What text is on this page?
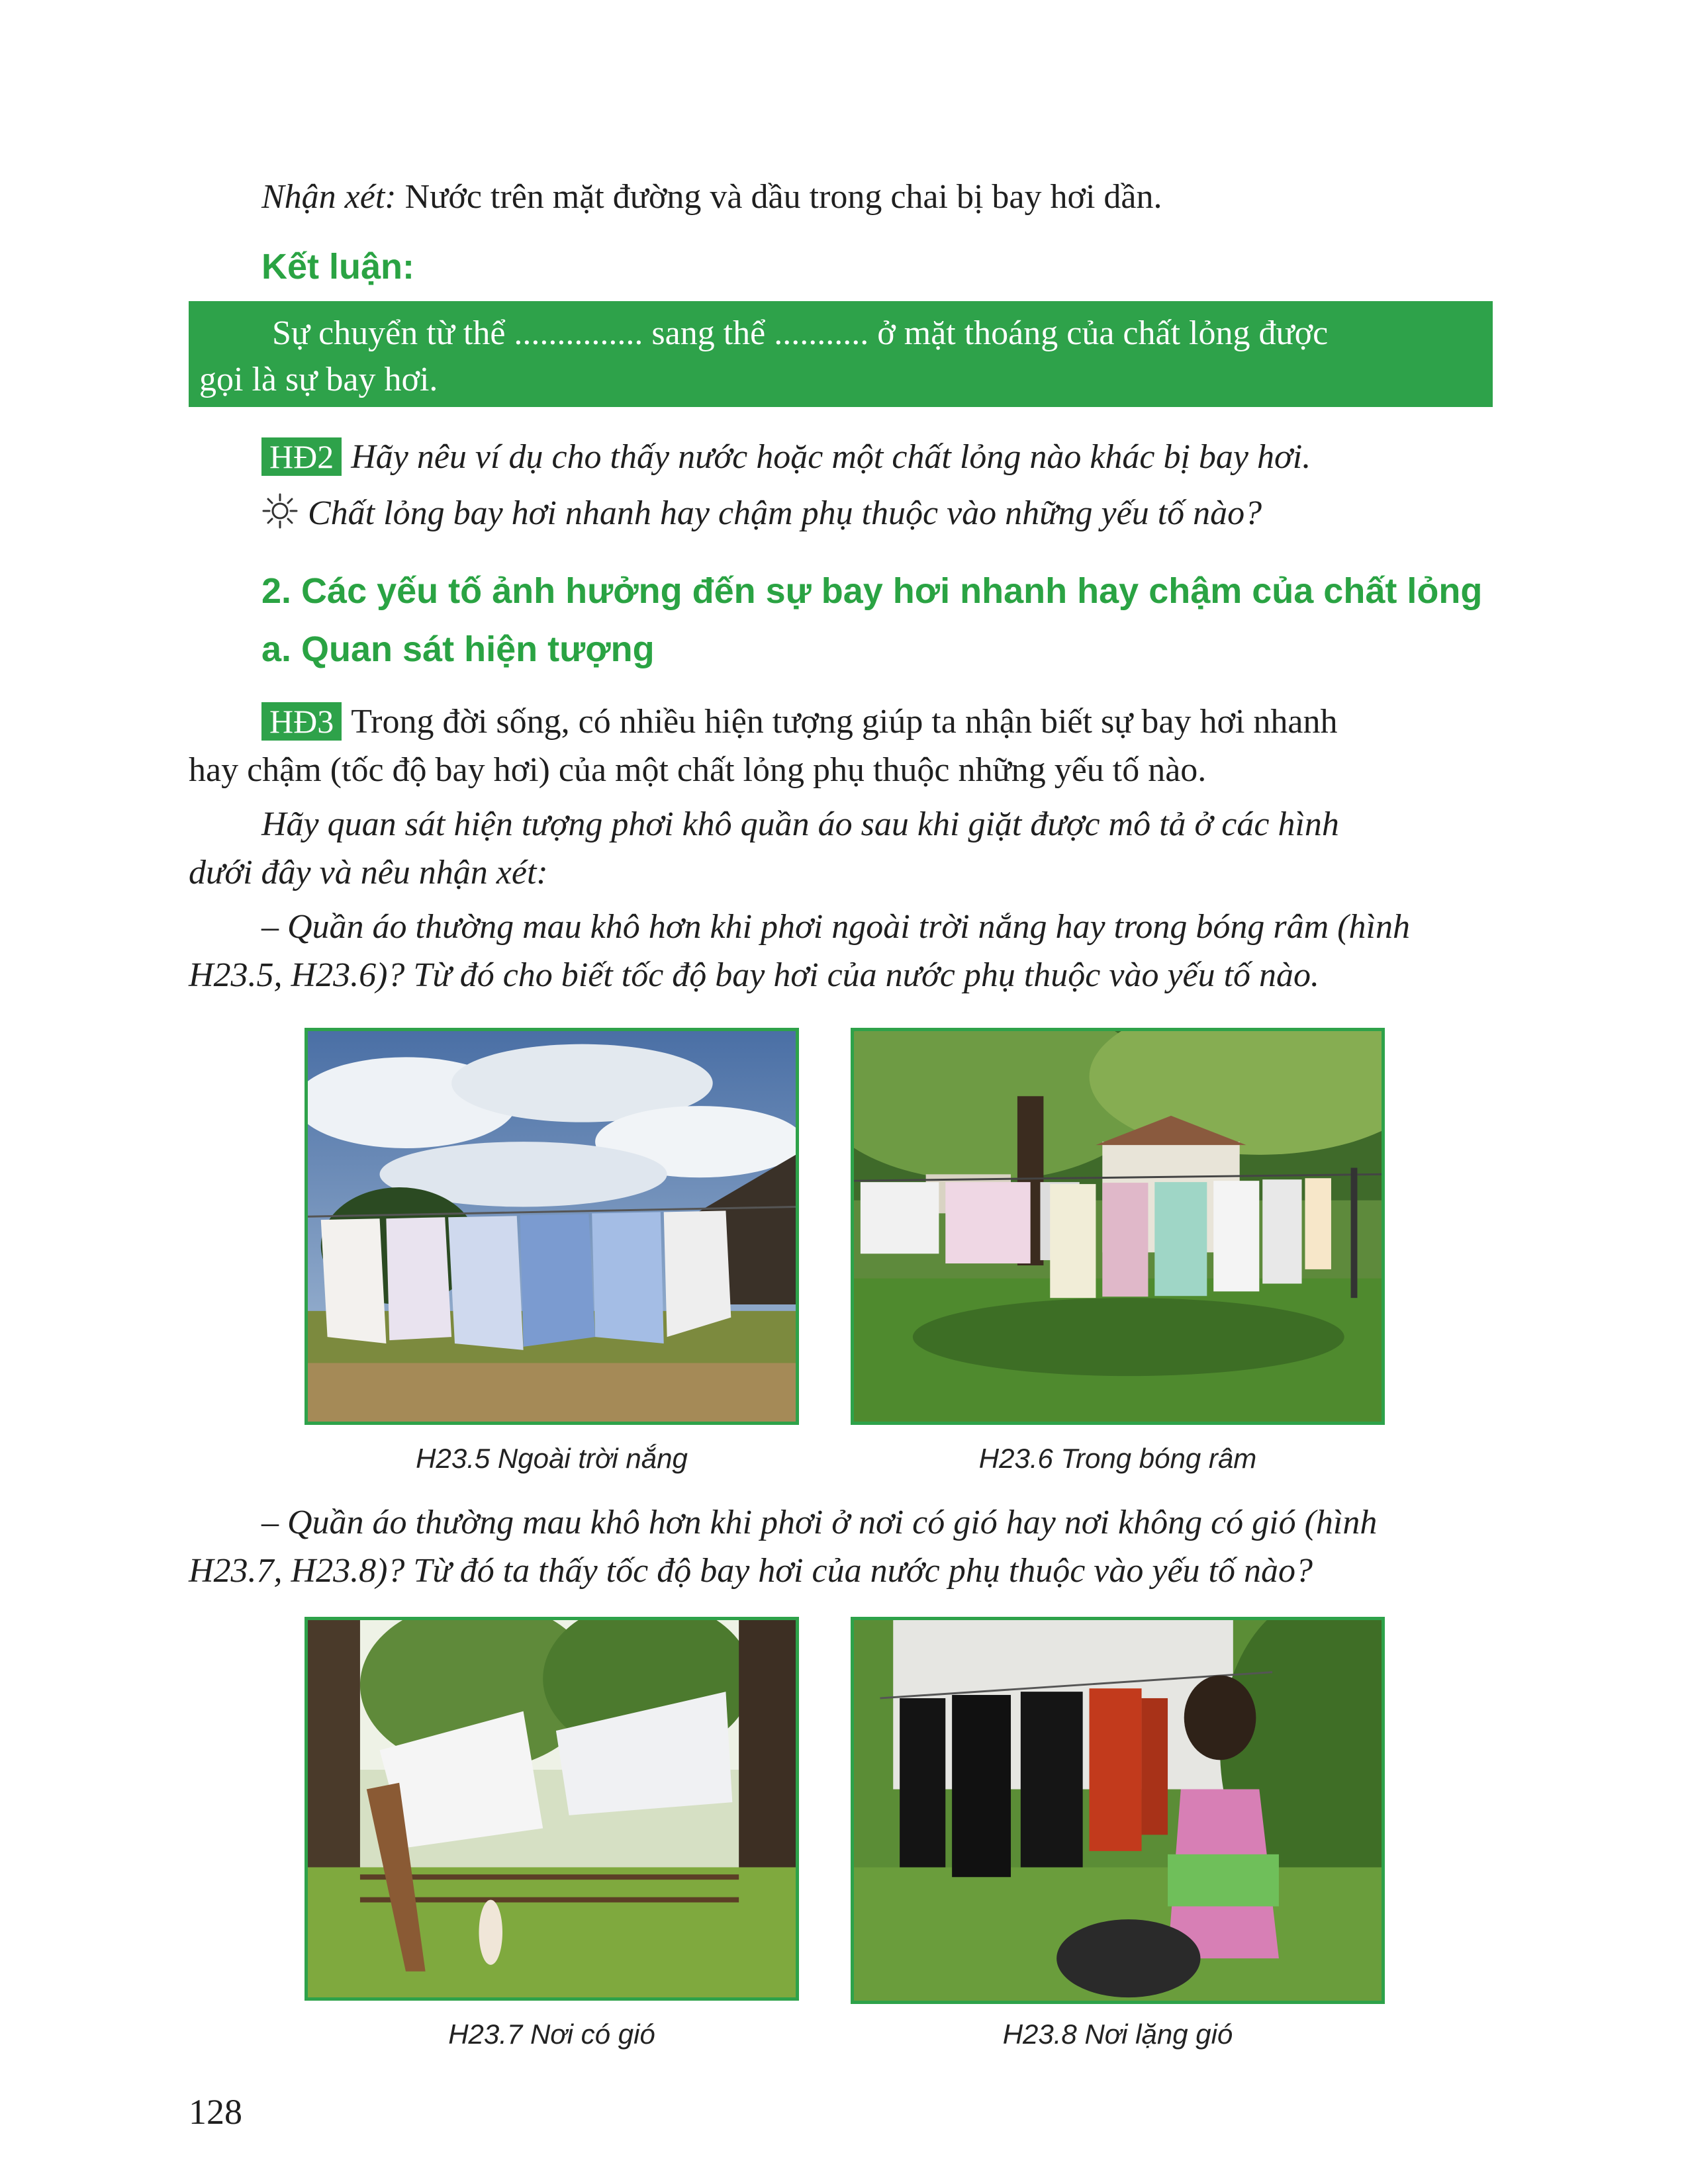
Nhận xét: Nước trên mặt đường và dầu trong chai bị bay hơi dần.
Kết luận:
Sự chuyển từ thể ............... sang thể ........... ở mặt thoáng của chất lỏng được
gọi là sự bay hơi.
HĐ2 Hãy nêu ví dụ cho thấy nước hoặc một chất lỏng nào khác bị bay hơi.
Chất lỏng bay hơi nhanh hay chậm phụ thuộc vào những yếu tố nào?
2. Các yếu tố ảnh hưởng đến sự bay hơi nhanh hay chậm của chất lỏng
a. Quan sát hiện tượng
HĐ3 Trong đời sống, có nhiều hiện tượng giúp ta nhận biết sự bay hơi nhanh
hay chậm (tốc độ bay hơi) của một chất lỏng phụ thuộc những yếu tố nào.
Hãy quan sát hiện tượng phơi khô quần áo sau khi giặt được mô tả ở các hình
dưới đây và nêu nhận xét:
– Quần áo thường mau khô hơn khi phơi ngoài trời nắng hay trong bóng râm (hình
H23.5, H23.6)? Từ đó cho biết tốc độ bay hơi của nước phụ thuộc vào yếu tố nào.
H23.5 Ngoài trời nắng	H23.6 Trong bóng râm
– Quần áo thường mau khô hơn khi phơi ở nơi có gió hay nơi không có gió (hình
H23.7, H23.8)? Từ đó ta thấy tốc độ bay hơi của nước phụ thuộc vào yếu tố nào?
H23.7 Nơi có gió	H23.8 Nơi lặng gió
128
